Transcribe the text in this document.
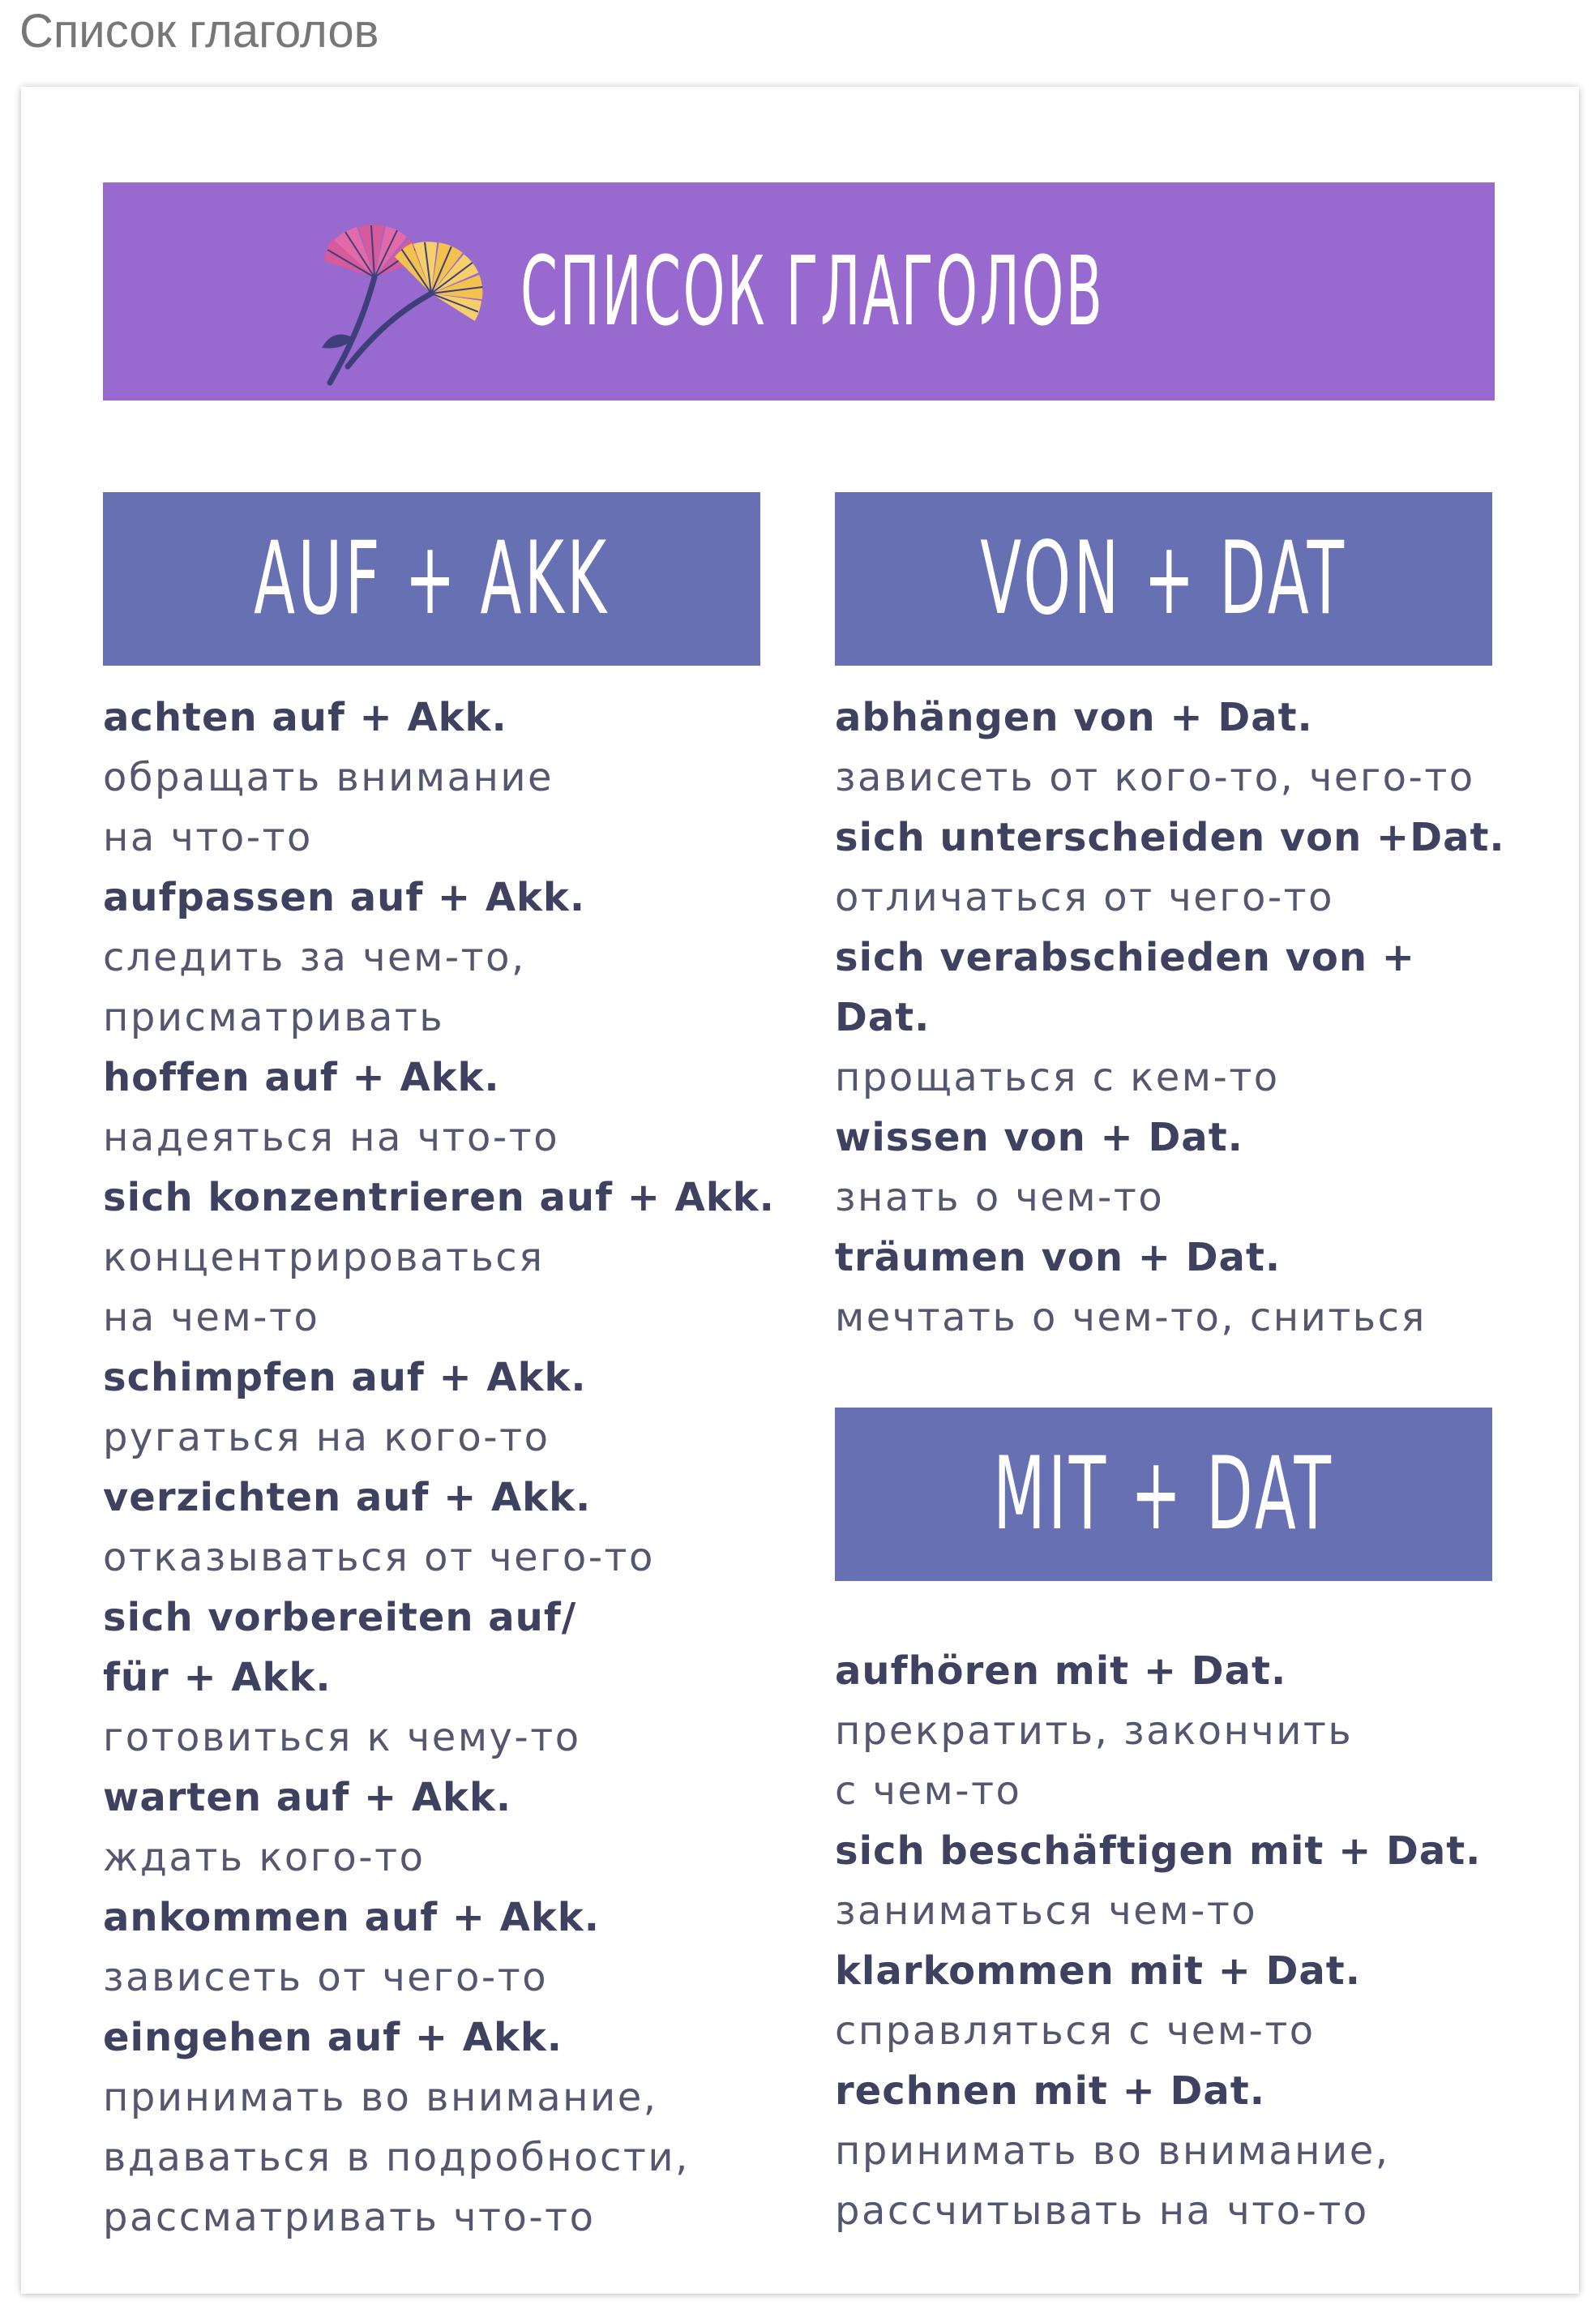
Список глаголов
СПИСОК ГЛАГОЛОВ
AUF + AKK	VON + DAT
MIT + DAT
achten auf + Akk.
обращать внимание
на что-то
aufpassen auf + Akk.
следить за чем-то,
присматривать
hoffen auf + Akk.
надеяться на что-то
sich konzentrieren auf + Akk.
концентрироваться
на чем-то
schimpfen auf + Akk.
ругаться на кого-то
verzichten auf + Akk.
отказываться от чего-то
sich vorbereiten auf/
für + Akk.
готовиться к чему-то
warten auf + Akk.
ждать кого-то
ankommen auf + Akk.
зависеть от чего-то
eingehen auf + Akk.
принимать во внимание,
вдаваться в подробности,
рассматривать что-то
abhängen von + Dat.
зависеть от кого-то, чего-то
sich unterscheiden von +Dat.
отличаться от чего-то
sich verabschieden von +
Dat.
прощаться с кем-то
wissen von + Dat.
знать о чем-то
träumen von + Dat.
мечтать о чем-то, сниться
aufhören mit + Dat.
прекратить, закончить
с чем-то
sich beschäftigen mit + Dat.
заниматься чем-то
klarkommen mit + Dat.
справляться с чем-то
rechnen mit + Dat.
принимать во внимание,
рассчитывать на что-то
